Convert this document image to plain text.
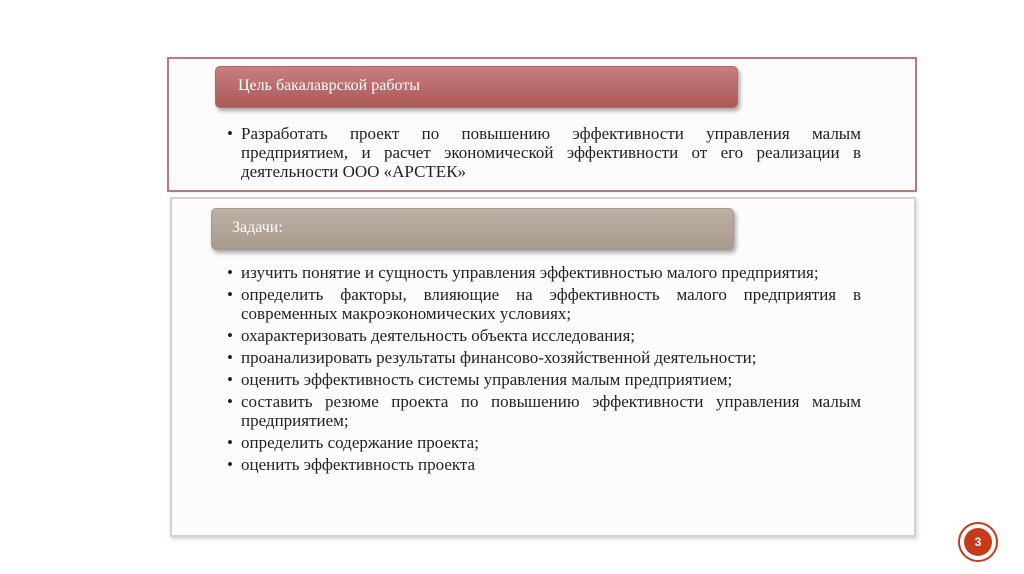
Цель бакалаврской работы
• Разработать проект по повышению эффективности управления малым предприятием, и расчет экономической эффективности от его реализации в деятельности ООО «АРСТЕК»
Задачи:
• изучить понятие и сущность управления эффективностью малого предприятия;
• определить факторы, влияющие на эффективность малого предприятия в современных макроэкономических условиях;
• охарактеризовать деятельность объекта исследования;
• проанализировать результаты финансово-хозяйственной деятельности;
• оценить эффективность системы управления малым предприятием;
• составить резюме проекта по повышению эффективности управления малым предприятием;
• определить содержание проекта;
• оценить эффективность проекта
3
